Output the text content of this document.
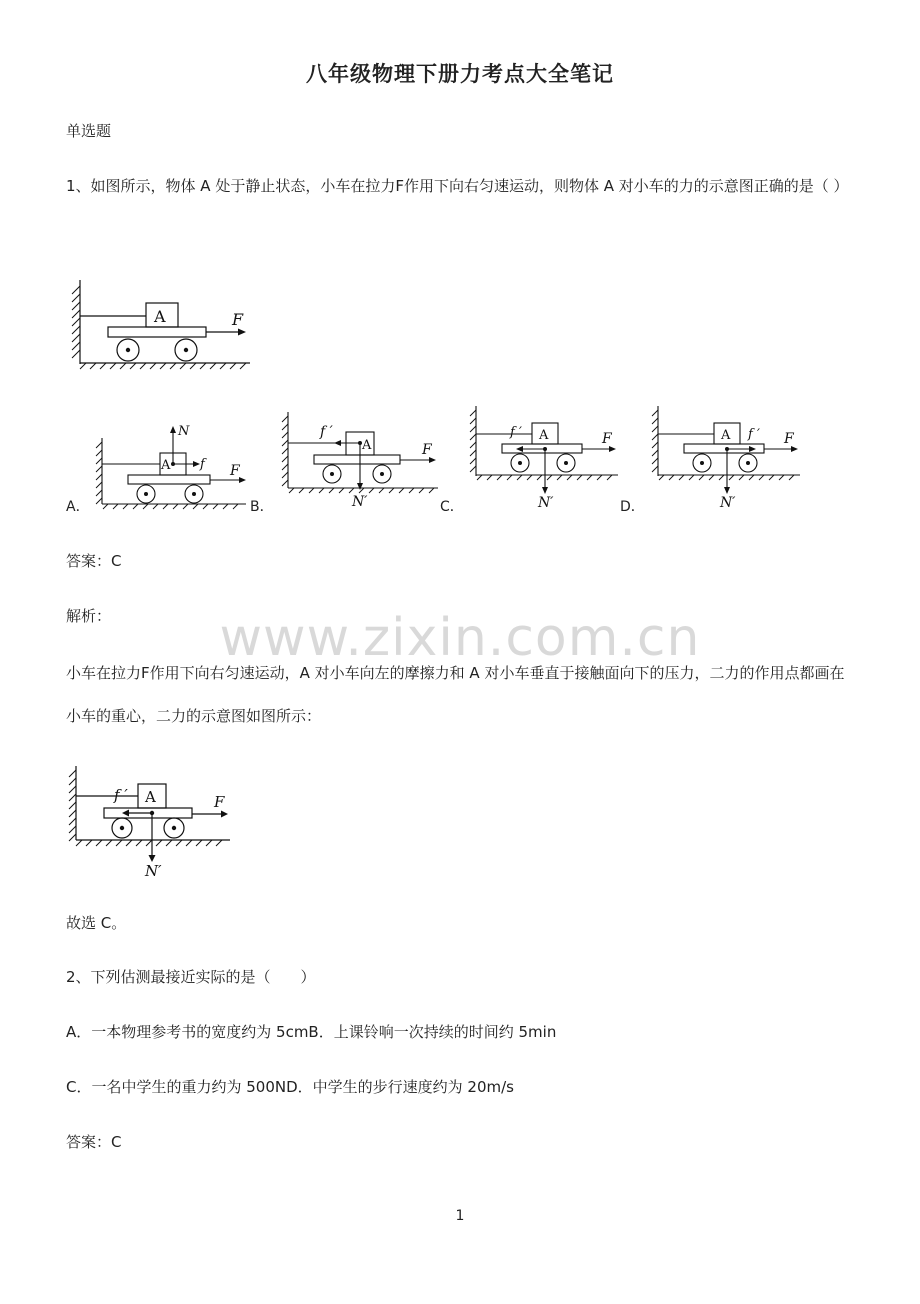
八年级物理下册力考点大全笔记
单选题
1、如图所示，物体 A 处于静止状态，小车在拉力F作用下向右匀速运动，则物体 A 对小车的力的示意图正确的是（ ）
A	F
A．
A
N
f F
B．
A
f ′
F
N′	C．
A
f ′	F
N′	D．
A f ′ F
N′
答案：C
解析：	www.zixin.com.cn
小车在拉力F作用下向右匀速运动，A 对小车向左的摩擦力和 A 对小车垂直于接触面向下的压力，二力的作用点都画在小车的重心，二力的示意图如图所示：
A
f ′	F
N′
故选 C。
2、下列估测最接近实际的是（　　）
A．一本物理参考书的宽度约为 5cmB．上课铃响一次持续的时间约 5min
C．一名中学生的重力约为 500ND．中学生的步行速度约为 20m/s
答案：C
1
